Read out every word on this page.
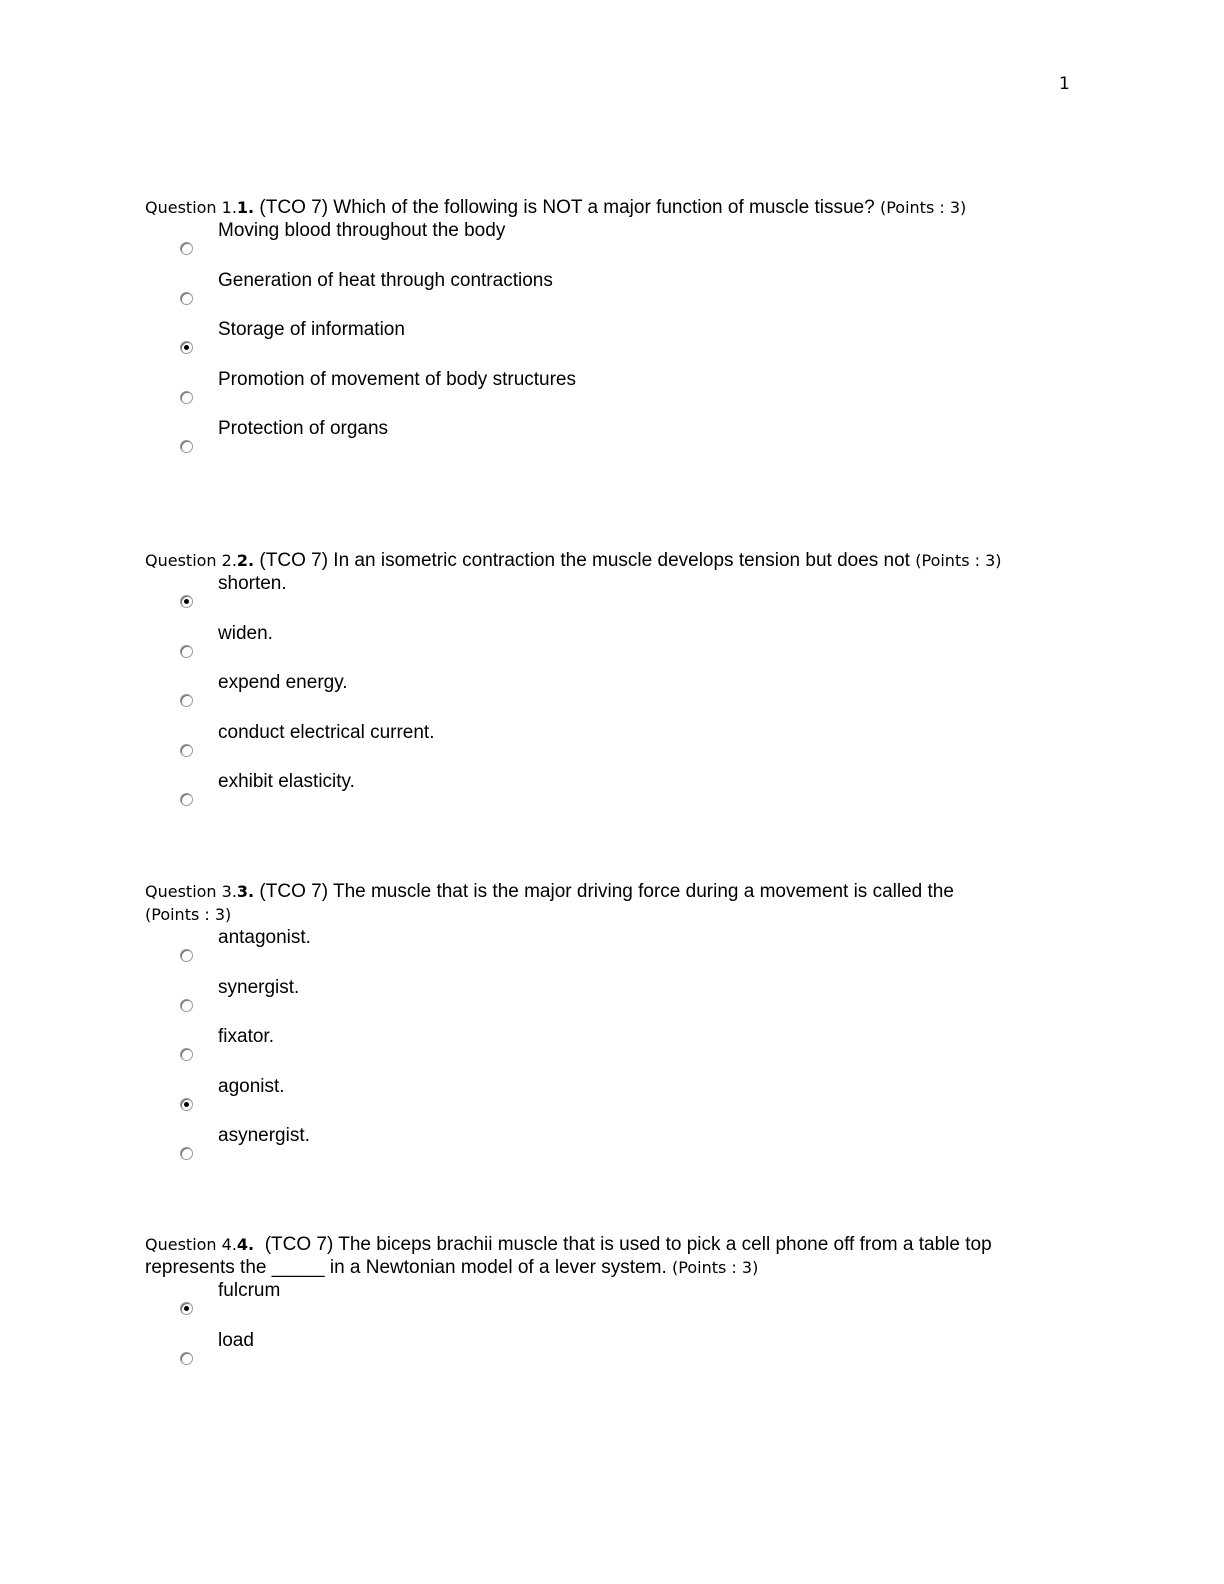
1
Question 1.1. (TCO 7) Which of the following is NOT a major function of muscle tissue? (Points : 3)
Moving blood throughout the body
Generation of heat through contractions
Storage of information
Promotion of movement of body structures
Protection of organs
Question 2.2. (TCO 7) In an isometric contraction the muscle develops tension but does not (Points : 3)
shorten.
widen.
expend energy.
conduct electrical current.
exhibit elasticity.
Question 3.3. (TCO 7) The muscle that is the major driving force during a movement is called the (Points : 3)
antagonist.
synergist.
fixator.
agonist.
asynergist.
Question 4.4.  (TCO 7) The biceps brachii muscle that is used to pick a cell phone off from a table top represents the _____ in a Newtonian model of a lever system. (Points : 3)
fulcrum
load
